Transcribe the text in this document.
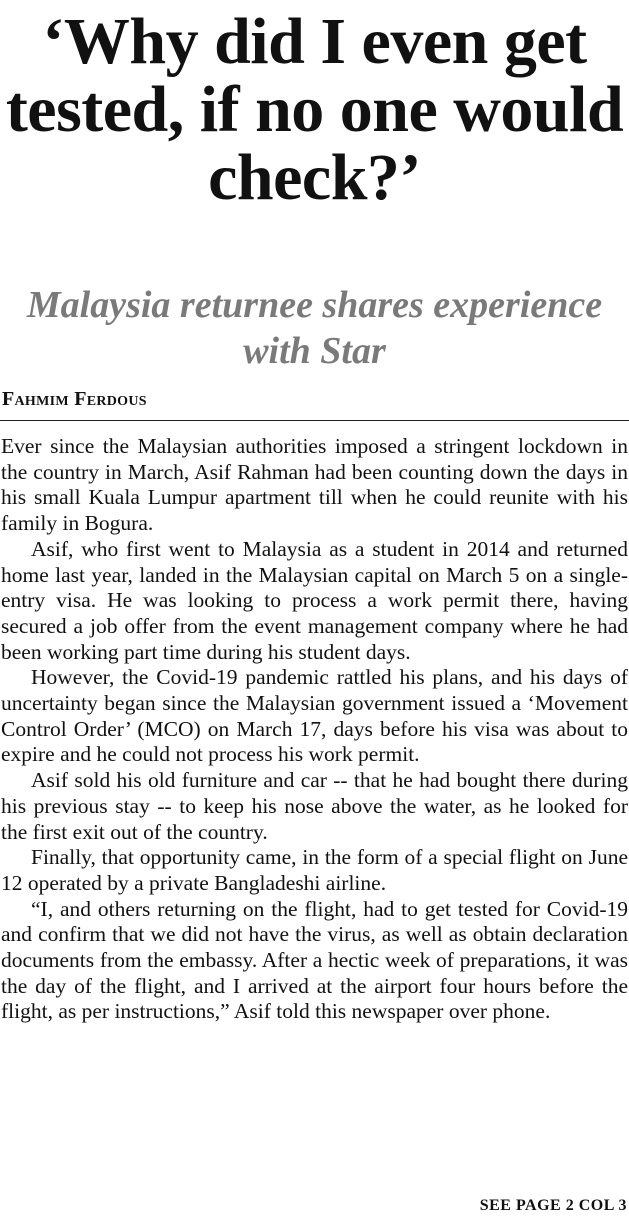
‘Why did I even get tested, if no one would check?’
Malaysia returnee shares experience with Star
Fahmim Ferdous

Ever since the Malaysian authorities imposed a stringent lockdown in the country in March, Asif Rahman had been counting down the days in his small Kuala Lumpur apartment till when he could reunite with his family in Bogura.

Asif, who first went to Malaysia as a student in 2014 and returned home last year, landed in the Malaysian capital on March 5 on a single-entry visa. He was looking to process a work permit there, having secured a job offer from the event management company where he had been working part time during his student days.

However, the Covid-19 pandemic rattled his plans, and his days of uncertainty began since the Malaysian government issued a ‘Movement Control Order’ (MCO) on March 17, days before his visa was about to expire and he could not process his work permit.

Asif sold his old furniture and car -- that he had bought there during his previous stay -- to keep his nose above the water, as he looked for the first exit out of the country.

Finally, that opportunity came, in the form of a special flight on June 12 operated by a private Bangladeshi airline.

“I, and others returning on the flight, had to get tested for Covid-19 and confirm that we did not have the virus, as well as obtain declaration documents from the embassy. After a hectic week of preparations, it was the day of the flight, and I arrived at the airport four hours before the flight, as per instructions,” Asif told this newspaper over phone.

SEE PAGE 2 COL 3
